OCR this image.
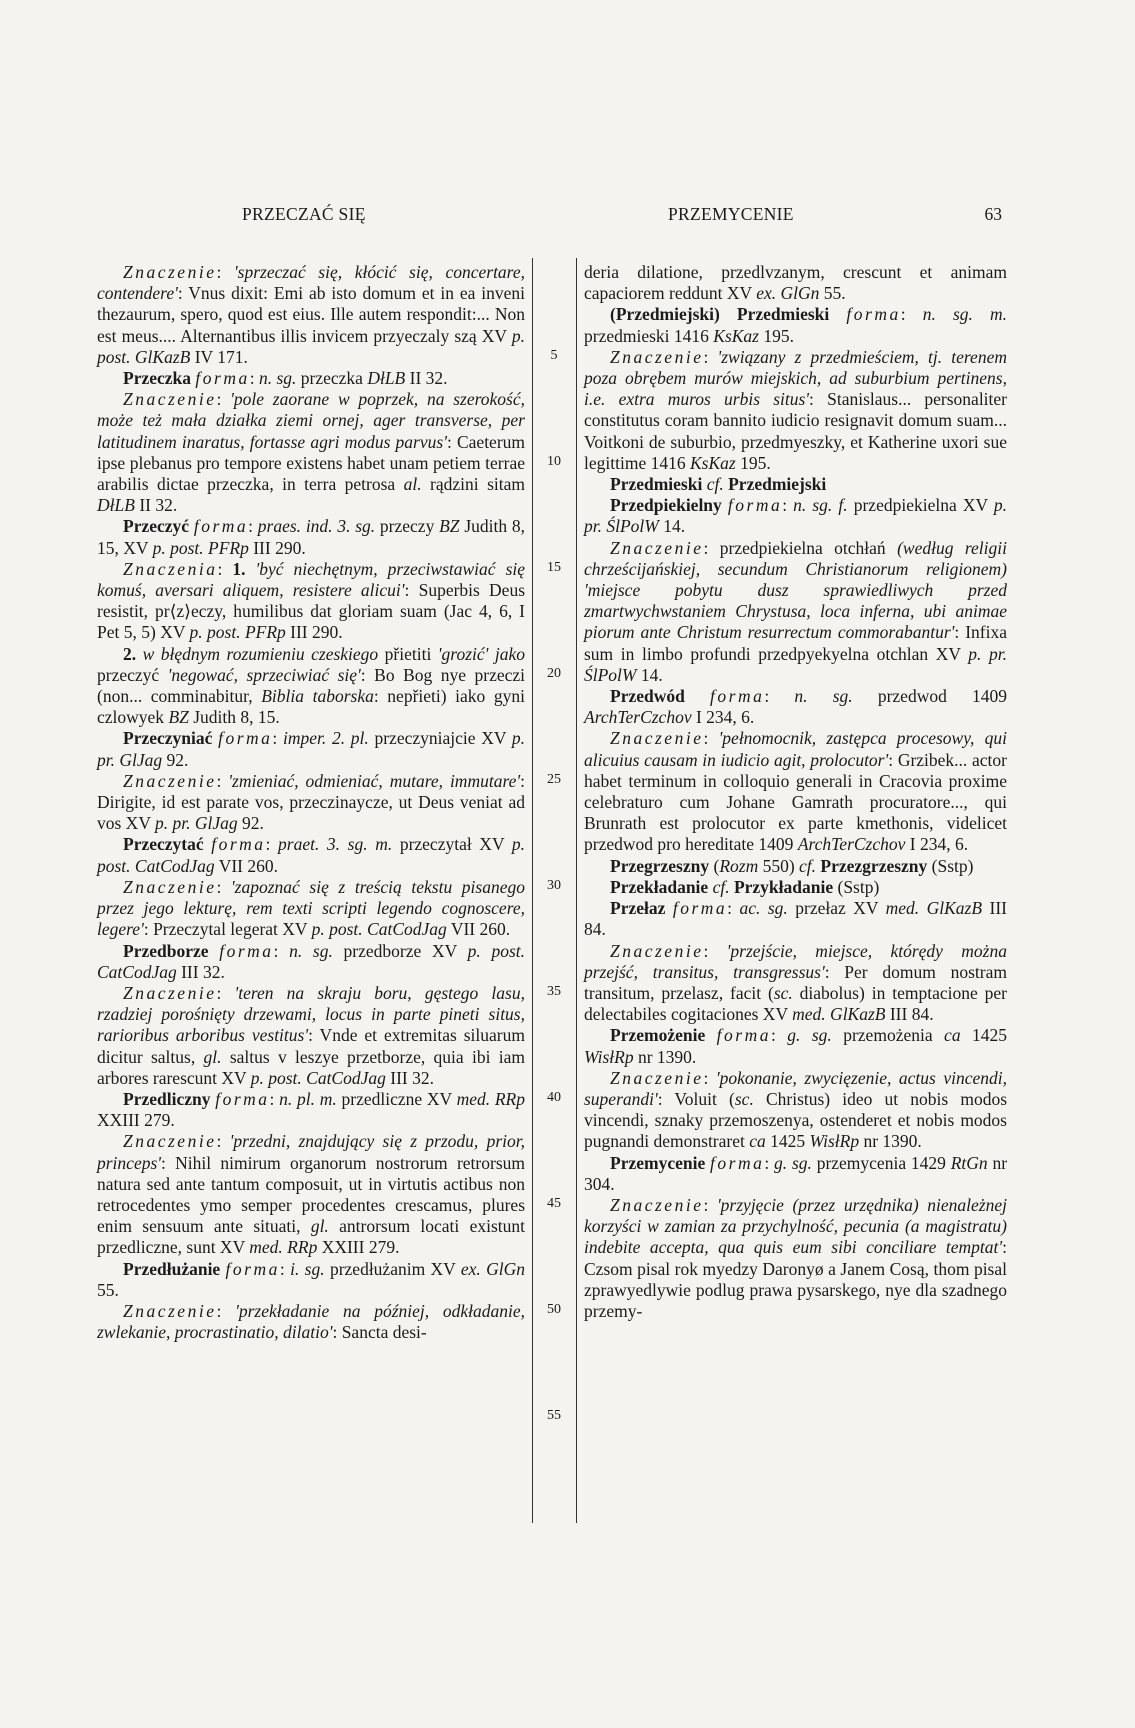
PRZECZAĆ SIĘ	PRZEMYCENIE	63
5
10
15
20
25
30
35
40
45
50
55

Znaczenie: 'sprzeczać się, kłócić się, concertare, contendere': Vnus dixit: Emi ab isto domum et in ea inveni thezaurum, spero, quod est eius. Ille autem respondit:... Non est meus.... Alternantibus illis invicem przyeczaly szą XV p. post. GlKazB IV 171.

Przeczka forma: n. sg. przeczka DłLB II 32.

Znaczenie: 'pole zaorane w poprzek, na szerokość, może też mała działka ziemi ornej, ager transverse, per latitudinem inaratus, fortasse agri modus parvus': Caeterum ipse plebanus pro tempore existens habet unam petiem terrae arabilis dictae przeczka, in terra petrosa al. rądzini sitam DłLB II 32.

Przeczyć forma: praes. ind. 3. sg. przeczy BZ Judith 8, 15, XV p. post. PFRp III 290.

Znaczenia: 1. 'być niechętnym, przeciwstawiać się komuś, aversari aliquem, resistere alicui': Superbis Deus resistit, pr⟨z⟩eczy, humilibus dat gloriam suam (Jac 4, 6, I Pet 5, 5) XV p. post. PFRp III 290.

2. w błędnym rozumieniu czeskiego přietiti 'grozić' jako przeczyć 'negować, sprzeciwiać się': Bo Bog nye przeczi (non... comminabitur, Biblia taborska: nepřieti) iako gyni czlowyek BZ Judith 8, 15.

Przeczyniać forma: imper. 2. pl. przeczyniajcie XV p. pr. GlJag 92.

Znaczenie: 'zmieniać, odmieniać, mutare, immutare': Dirigite, id est parate vos, przeczinaycze, ut Deus veniat ad vos XV p. pr. GlJag 92.

Przeczytać forma: praet. 3. sg. m. przeczytał XV p. post. CatCodJag VII 260.

Znaczenie: 'zapoznać się z treścią tekstu pisanego przez jego lekturę, rem texti scripti legendo cognoscere, legere': Przeczytal legerat XV p. post. CatCodJag VII 260.

Przedborze forma: n. sg. przedborze XV p. post. CatCodJag III 32.

Znaczenie: 'teren na skraju boru, gęstego lasu, rzadziej porośnięty drzewami, locus in parte pineti situs, rarioribus arboribus vestitus': Vnde et extremitas siluarum dicitur saltus, gl. saltus v leszye przetborze, quia ibi iam arbores rarescunt XV p. post. CatCodJag III 32.

Przedliczny forma: n. pl. m. przedliczne XV med. RRp XXIII 279.

Znaczenie: 'przedni, znajdujący się z przodu, prior, princeps': Nihil nimirum organorum nostrorum retrorsum natura sed ante tantum composuit, ut in virtutis actibus non retrocedentes ymo semper procedentes crescamus, plures enim sensuum ante situati, gl. antrorsum locati existunt przedliczne, sunt XV med. RRp XXIII 279.

Przedłużanie forma: i. sg. przedłużanim XV ex. GlGn 55.

Znaczenie: 'przekładanie na później, odkładanie, zwlekanie, procrastinatio, dilatio': Sancta desi-

deria dilatione, przedlvzanym, crescunt et animam capaciorem reddunt XV ex. GlGn 55.

(Przedmiejski) Przedmieski forma: n. sg. m. przedmieski 1416 KsKaz 195.

Znaczenie: 'związany z przedmieściem, tj. terenem poza obrębem murów miejskich, ad suburbium pertinens, i.e. extra muros urbis situs': Stanislaus... personaliter constitutus coram bannito iudicio resignavit domum suam... Voitkoni de suburbio, przedmyeszky, et Katherine uxori sue legittime 1416 KsKaz 195.

Przedmieski cf. Przedmiejski

Przedpiekielny forma: n. sg. f. przedpiekielna XV p. pr. ŚlPolW 14.

Znaczenie: przedpiekielna otchłań (według religii chrześcijańskiej, secundum Christianorum religionem) 'miejsce pobytu dusz sprawiedliwych przed zmartwychwstaniem Chrystusa, loca inferna, ubi animae piorum ante Christum resurrectum commorabantur': Infixa sum in limbo profundi przedpyekyelna otchlan XV p. pr. ŚlPolW 14.

Przedwód forma: n. sg. przedwod 1409 ArchTerCzchov I 234, 6.

Znaczenie: 'pełnomocnik, zastępca procesowy, qui alicuius causam in iudicio agit, prolocutor': Grzibek... actor habet terminum in colloquio generali in Cracovia proxime celebraturo cum Johane Gamrath procuratore..., qui Brunrath est prolocutor ex parte kmethonis, videlicet przedwod pro hereditate 1409 ArchTerCzchov I 234, 6.

Przegrzeszny (Rozm 550) cf. Przezgrzeszny (Sstp)

Przekładanie cf. Przykładanie (Sstp)

Przełaz forma: ac. sg. przełaz XV med. GlKazB III 84.

Znaczenie: 'przejście, miejsce, którędy można przejść, transitus, transgressus': Per domum nostram transitum, przelasz, facit (sc. diabolus) in temptacione per delectabiles cogitaciones XV med. GlKazB III 84.

Przemożenie forma: g. sg. przemożenia ca 1425 WisłRp nr 1390.

Znaczenie: 'pokonanie, zwycięzenie, actus vincendi, superandi': Voluit (sc. Christus) ideo ut nobis modos vincendi, sznaky przemoszenya, ostenderet et nobis modos pugnandi demonstraret ca 1425 WisłRp nr 1390.

Przemycenie forma: g. sg. przemycenia 1429 RtGn nr 304.

Znaczenie: 'przyjęcie (przez urzędnika) nienależnej korzyści w zamian za przychylność, pecunia (a magistratu) indebite accepta, qua quis eum sibi conciliare temptat': Czsom pisal rok myedzy Daronyø a Janem Cosą, thom pisal zprawyedlywie podlug prawa pysarskego, nye dla szadnego przemy-
